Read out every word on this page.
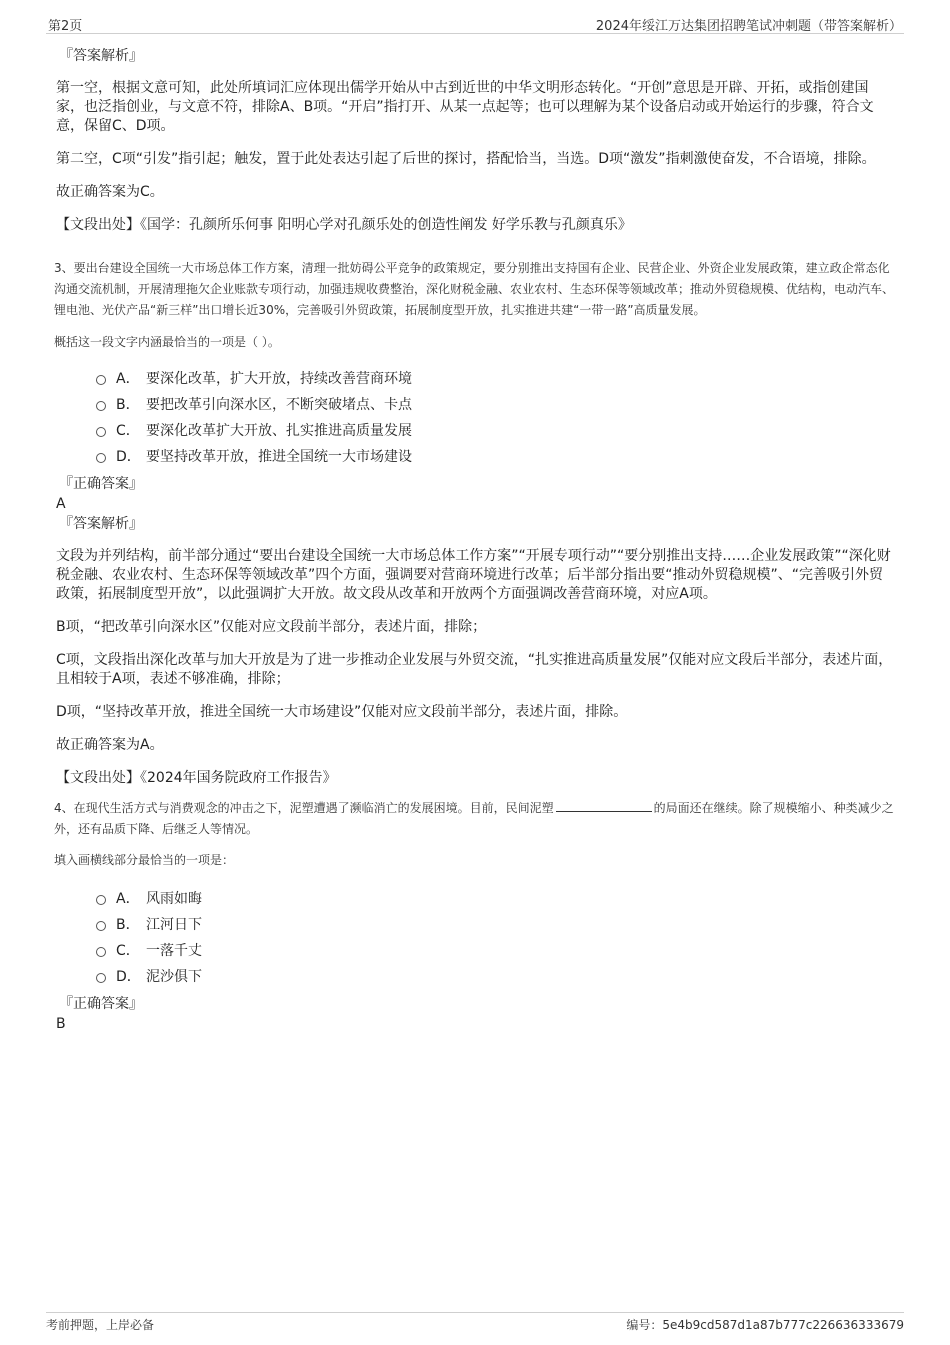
第2页	2024年绥江万达集团招聘笔试冲刺题（带答案解析）

『答案解析』

第一空，根据文意可知，此处所填词汇应体现出儒学开始从中古到近世的中华文明形态转化。“开创”意思是开辟、开拓，或指创建国家，也泛指创业，与文意不符，排除A、B项。“开启”指打开、从某一点起等；也可以理解为某个设备启动或开始运行的步骤，符合文意，保留C、D项。

第二空，C项“引发”指引起；触发，置于此处表达引起了后世的探讨，搭配恰当，当选。D项“激发”指刺激使奋发，不合语境，排除。

故正确答案为C。

【文段出处】《国学：孔颜所乐何事 阳明心学对孔颜乐处的创造性阐发 好学乐教与孔颜真乐》

3、要出台建设全国统一大市场总体工作方案，清理一批妨碍公平竞争的政策规定，要分别推出支持国有企业、民营企业、外资企业发展政策，建立政企常态化沟通交流机制，开展清理拖欠企业账款专项行动，加强违规收费整治，深化财税金融、农业农村、生态环保等领域改革；推动外贸稳规模、优结构，电动汽车、锂电池、光伏产品“新三样”出口增长近30%，完善吸引外贸政策，拓展制度型开放，扎实推进共建“一带一路”高质量发展。

概括这一段文字内涵最恰当的一项是（ ）。

A． 要深化改革，扩大开放，持续改善营商环境
B． 要把改革引向深水区，不断突破堵点、卡点
C． 要深化改革扩大开放、扎实推进高质量发展
D． 要坚持改革开放，推进全国统一大市场建设

『正确答案』

A

『答案解析』

文段为并列结构，前半部分通过“要出台建设全国统一大市场总体工作方案”“开展专项行动”“要分别推出支持……企业发展政策”“深化财税金融、农业农村、生态环保等领域改革”四个方面，强调要对营商环境进行改革；后半部分指出要“推动外贸稳规模”、“完善吸引外贸政策，拓展制度型开放”，以此强调扩大开放。故文段从改革和开放两个方面强调改善营商环境，对应A项。

B项，“把改革引向深水区”仅能对应文段前半部分，表述片面，排除；

C项，文段指出深化改革与加大开放是为了进一步推动企业发展与外贸交流，“扎实推进高质量发展”仅能对应文段后半部分，表述片面，且相较于A项，表述不够准确，排除；

D项，“坚持改革开放，推进全国统一大市场建设”仅能对应文段前半部分，表述片面，排除。

故正确答案为A。

【文段出处】《2024年国务院政府工作报告》

4、在现代生活方式与消费观念的冲击之下，泥塑遭遇了濒临消亡的发展困境。目前，民间泥塑	的局面还在继续。除了规模缩小、种类减少之外，还有品质下降、后继乏人等情况。

填入画横线部分最恰当的一项是：

A． 风雨如晦
B． 江河日下
C． 一落千丈
D． 泥沙俱下

『正确答案』

B

考前押题，上岸必备	编号：5e4b9cd587d1a87b777c226636333679
